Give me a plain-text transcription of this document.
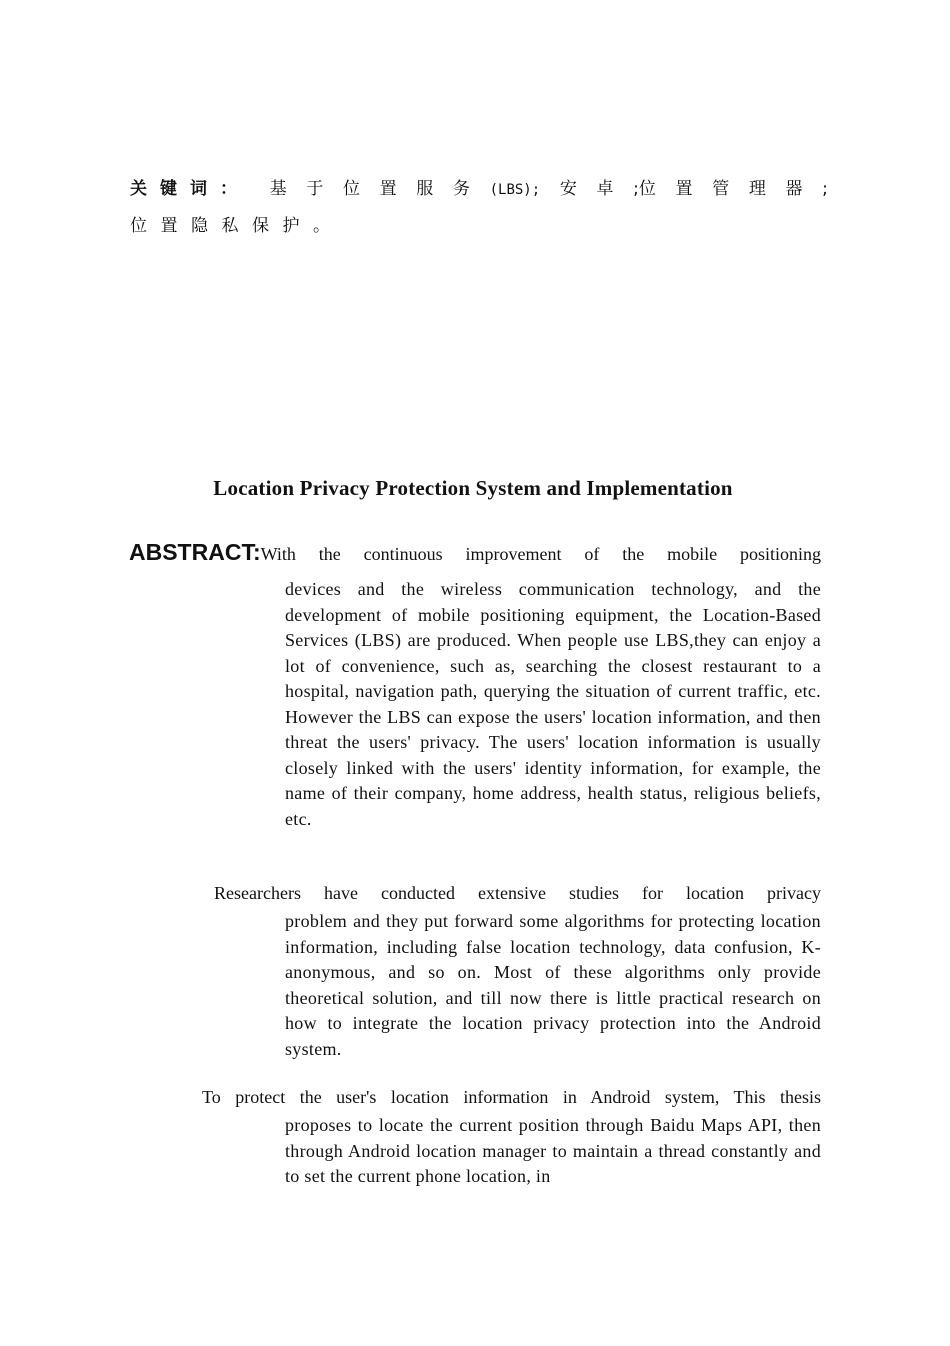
关键词： 基 于 位 置 服 务 (LBS); 安 卓 ;位 置 管 理 器 ;
位置隐私保护。
Location Privacy Protection System and Implementation
ABSTRACT:With the continuous improvement of the mobile positioning

devices and the wireless communication technology, and the development of mobile positioning equipment, the Location-Based Services (LBS) are produced. When people use LBS,they can enjoy a lot of convenience, such as, searching the closest restaurant to a hospital, navigation path, querying the situation of current traffic, etc. However the LBS can expose the users' location information, and then threat the users' privacy. The users' location information is usually closely linked with the users' identity information, for example, the name of their company, home address, health status, religious beliefs, etc.

Researchers have conducted extensive studies for location privacy

problem and they put forward some algorithms for protecting location information, including false location technology, data confusion, K-anonymous, and so on. Most of these algorithms only provide theoretical solution, and till now there is little practical research on how to integrate the location privacy protection into the Android system.

To protect the user's location information in Android system, This thesis

proposes to locate the current position through Baidu Maps API, then through Android location manager to maintain a thread constantly and to set the current phone location, in
